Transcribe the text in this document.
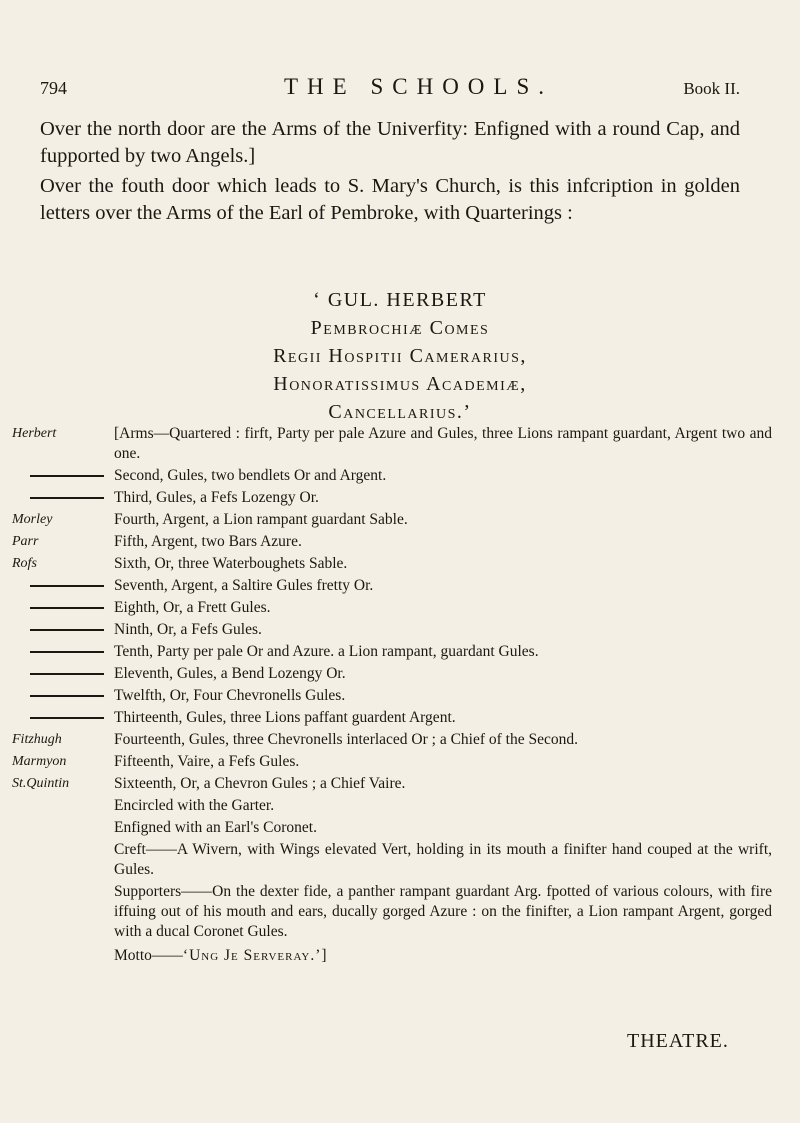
794	THE SCHOOLS.	Book II.
Over the north door are the Arms of the Univerfity: Enfigned with a round Cap, and fupported by two Angels.]
Over the fouth door which leads to S. Mary's Church, is this infcription in golden letters over the Arms of the Earl of Pembroke, with Quarterings :
‘ GUL. HERBERT
Pembrochiæ Comes
Regii Hospitii Camerarius,
Honoratissimus Academiæ,
Cancellarius.’
Herbert	[Arms—Quartered : firft, Party per pale Azure and Gules, three Lions rampant guardant, Argent two and one.
Second, Gules, two bendlets Or and Argent.
Third, Gules, a Fefs Lozengy Or.
Morley	Fourth, Argent, a Lion rampant guardant Sable.
Parr	Fifth, Argent, two Bars Azure.
Rofs	Sixth, Or, three Waterboughets Sable.
Seventh, Argent, a Saltire Gules fretty Or.
Eighth, Or, a Frett Gules.
Ninth, Or, a Fefs Gules.
Tenth, Party per pale Or and Azure. a Lion rampant, guardant Gules.
Eleventh, Gules, a Bend Lozengy Or.
Twelfth, Or, Four Chevronells Gules.
Thirteenth, Gules, three Lions paffant guardent Argent.
Fitzhugh	Fourteenth, Gules, three Chevronells interlaced Or ; a Chief of the Second.
Marmyon	Fifteenth, Vaire, a Fefs Gules.
St.Quintin	Sixteenth, Or, a Chevron Gules ; a Chief Vaire.
Encircled with the Garter.
Enfigned with an Earl's Coronet.
Creft——A Wivern, with Wings elevated Vert, holding in its mouth a finifter hand couped at the wrift, Gules.
Supporters——On the dexter fide, a panther rampant guardant Arg. fpotted of various colours, with fire iffuing out of his mouth and ears, ducally gorged Azure : on the finifter, a Lion rampant Argent, gorged with a ducal Coronet Gules.
Motto——‘Ung Je Serveray.’]
THEATRE.
